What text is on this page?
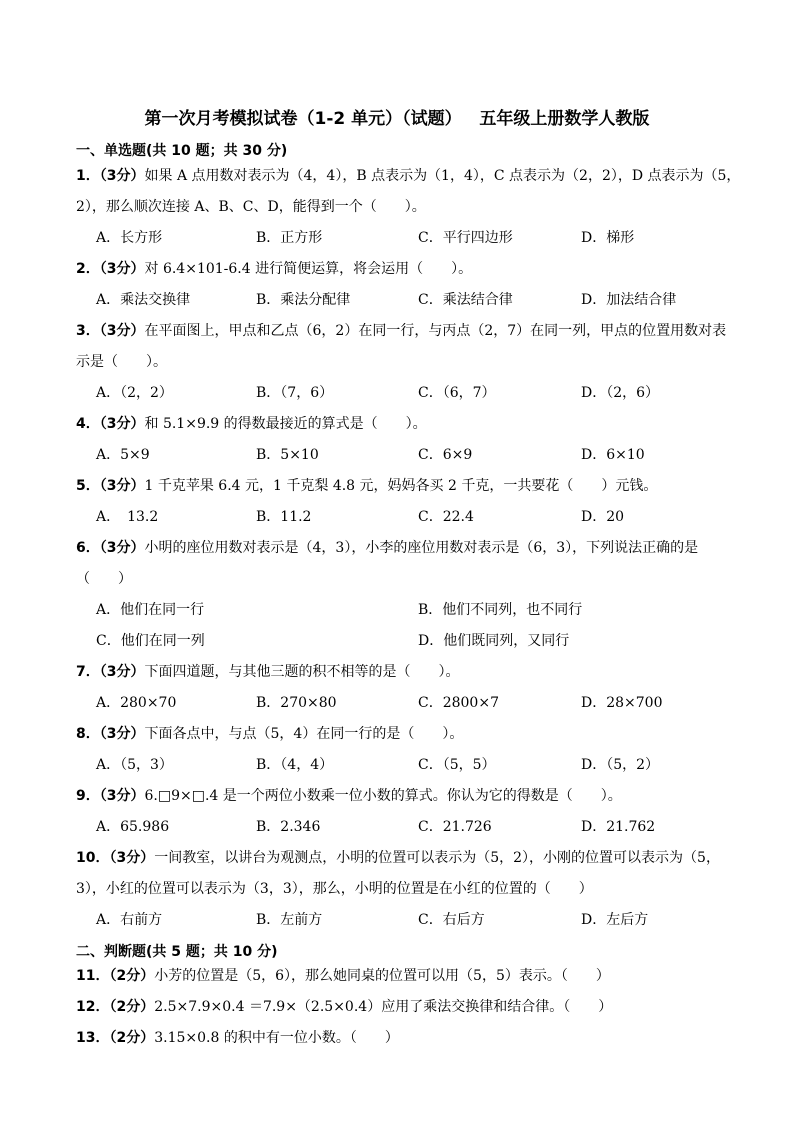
第一次月考模拟试卷（1-2 单元）（试题）   五年级上册数学人教版
一、单选题(共 10 题；共 30 分)
1．（3分）如果 A 点用数对表示为（4，4），B 点表示为（1，4），C 点表示为（2，2），D 点表示为（5，
2），那么顺次连接 A、B、C、D，能得到一个（　　）。

A．长方形

	B．正方形

	C．平行四边形

	D．梯形

2．（3分）对 6.4×101-6.4 进行简便运算，将会运用（　　）。

A．乘法交换律

	B．乘法分配律

	C．乘法结合律

	D．加法结合律

3．（3分）在平面图上，甲点和乙点（6，2）在同一行，与丙点（2，7）在同一列，甲点的位置用数对表
示是（　　）。

A．（2，2）

	B．（7，6）

	C．（6，7）

	D．（2，6）

4．（3分）和 5.1×9.9 的得数最接近的算式是（　　）。

A．5×9

	B．5×10

	C．6×9

	D．6×10

5．（3分）1 千克苹果 6.4 元，1 千克梨 4.8 元，妈妈各买 2 千克，一共要花（　　）元钱。

A．　13.2

	B．11.2

	C．22.4

	D．20

6．（3分）小明的座位用数对表示是（4，3），小李的座位用数对表示是（6，3），下列说法正确的是
（　　）

A．他们在同一行

	B．他们不同列，也不同行

C．他们在同一列

	D．他们既同列，又同行

7．（3分）下面四道题，与其他三题的积不相等的是（　　）。

A．280×70

	B．270×80

	C．2800×7

	D．28×700

8．（3分）下面各点中，与点（5，4）在同一行的是（　　）。

A．（5，3）

	B．（4，4）

	C．（5，5）

	D．（5，2）

9．（3分）6.□9×□.4 是一个两位小数乘一位小数的算式。你认为它的得数是（　　）。

A．65.986

	B．2.346

	C．21.726

	D．21.762

10．（3分）一间教室，以讲台为观测点，小明的位置可以表示为（5，2），小刚的位置可以表示为（5，
3），小红的位置可以表示为（3，3），那么，小明的位置是在小红的位置的（　　）

A．右前方

	B．左前方

	C．右后方

	D．左后方

二、判断题(共 5 题；共 10 分)
11．（2分）小芳的位置是（5，6），那么她同桌的位置可以用（5，5）表示。（　　）
12．（2分）2.5×7.9×0.4 ＝7.9×（2.5×0.4）应用了乘法交换律和结合律。（　　）
13．（2分）3.15×0.8 的积中有一位小数。（　　）
